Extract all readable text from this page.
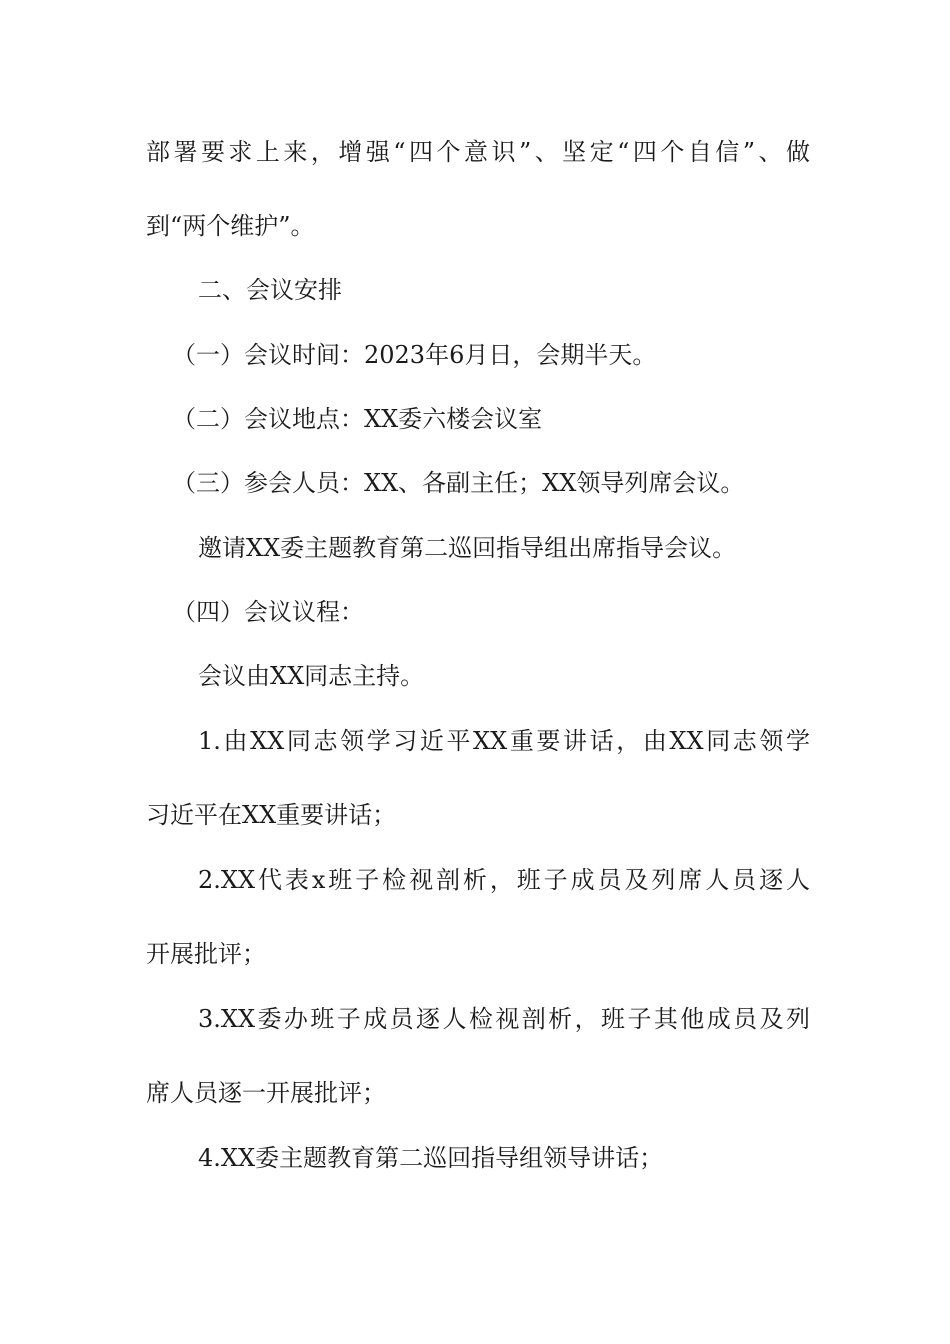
部署要求上来，增强“四个意识”、坚定“四个自信”、做
到“两个维护”。
二、会议安排
（一）会议时间：2023年6月日，会期半天。
（二）会议地点：XX委六楼会议室
（三）参会人员：XX、各副主任；XX领导列席会议。
邀请XX委主题教育第二巡回指导组出席指导会议。
（四）会议议程：
会议由XX同志主持。
1.由XX同志领学习近平XX重要讲话，由XX同志领学
习近平在XX重要讲话；
2.XX代表x班子检视剖析，班子成员及列席人员逐人
开展批评；
3.XX委办班子成员逐人检视剖析，班子其他成员及列
席人员逐一开展批评；
4.XX委主题教育第二巡回指导组领导讲话；
